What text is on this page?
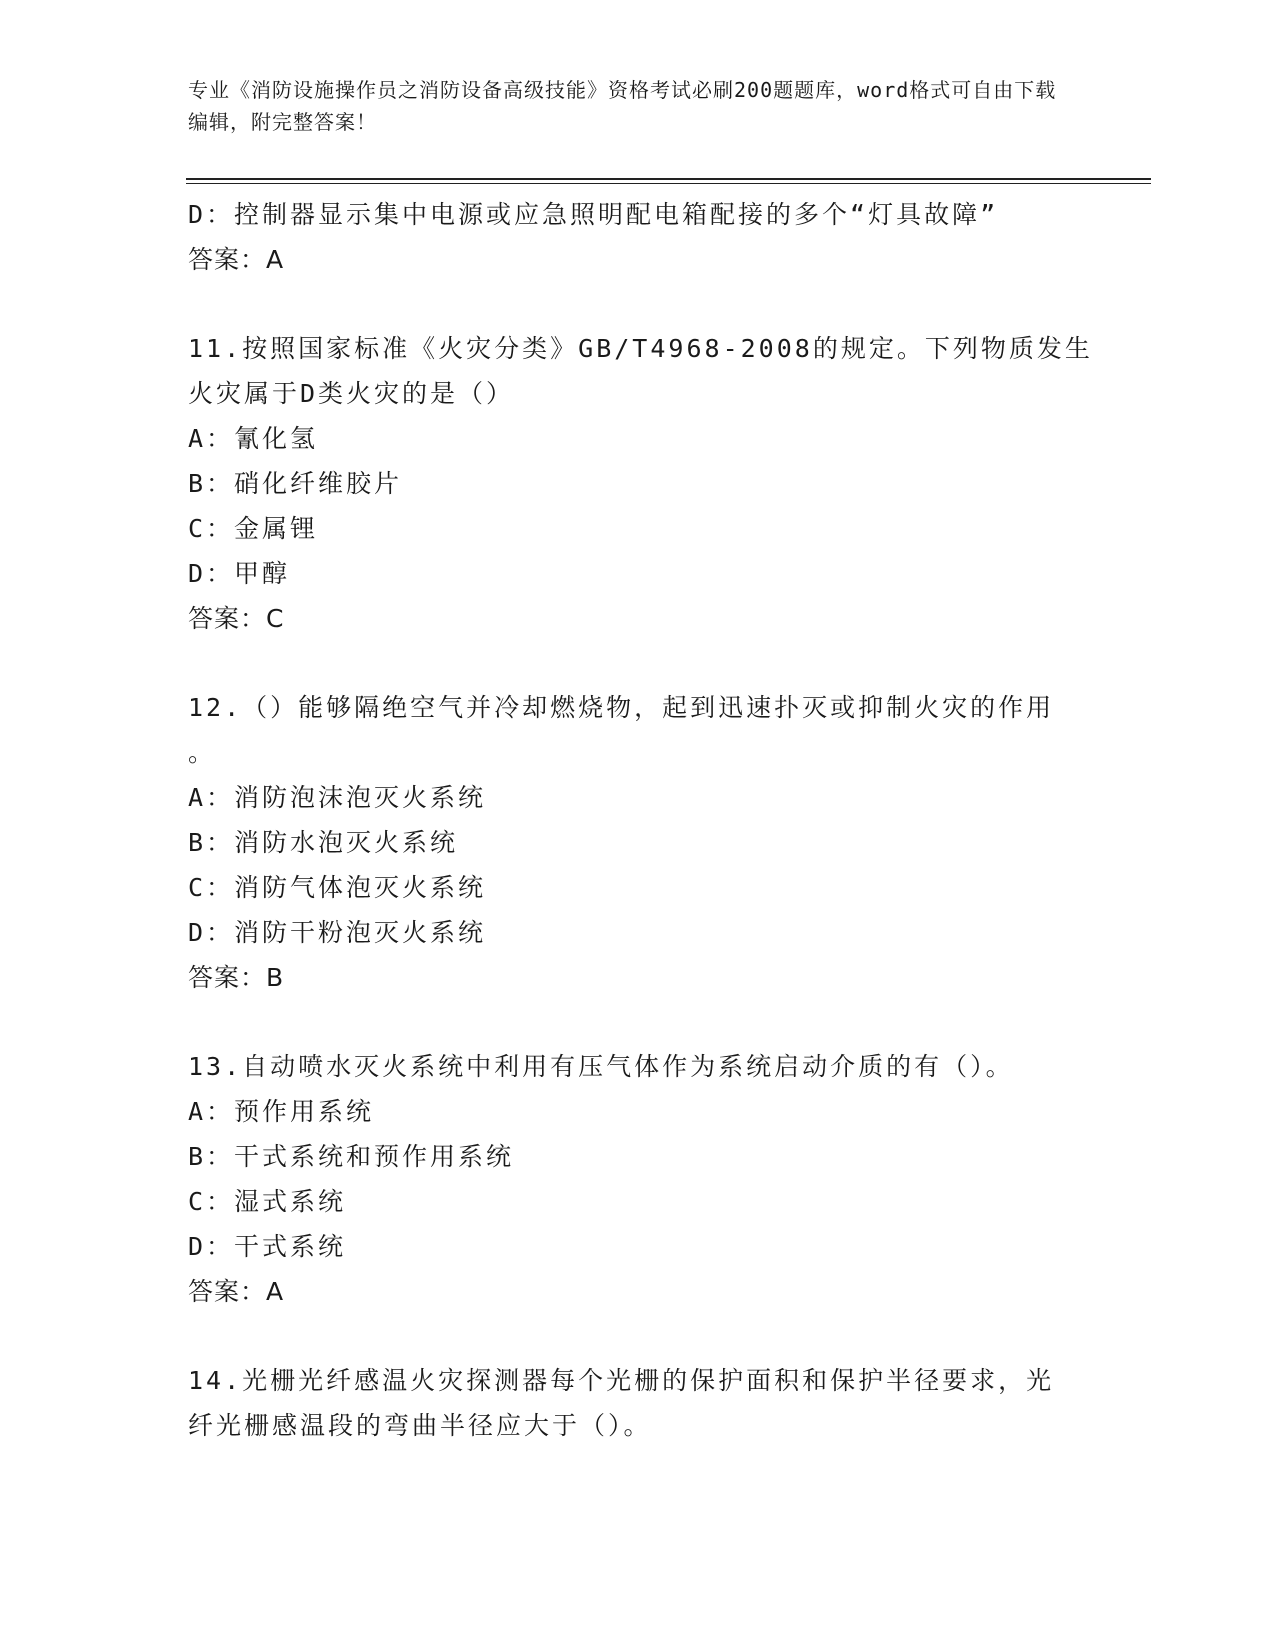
专业《消防设施操作员之消防设备高级技能》资格考试必刷200题题库，word格式可自由下载编辑，附完整答案！
D：控制器显示集中电源或应急照明配电箱配接的多个“灯具故障”
答案：A
11.按照国家标准《火灾分类》GB/T4968-2008的规定。下列物质发生
火灾属于D类火灾的是（）
A：氰化氢
B：硝化纤维胶片
C：金属锂
D：甲醇
答案：C
12.（）能够隔绝空气并冷却燃烧物，起到迅速扑灭或抑制火灾的作用
。
A：消防泡沫泡灭火系统
B：消防水泡灭火系统
C：消防气体泡灭火系统
D：消防干粉泡灭火系统
答案：B
13.自动喷水灭火系统中利用有压气体作为系统启动介质的有（）。
A：预作用系统
B：干式系统和预作用系统
C：湿式系统
D：干式系统
答案：A
14.光栅光纤感温火灾探测器每个光栅的保护面积和保护半径要求，光
纤光栅感温段的弯曲半径应大于（）。
